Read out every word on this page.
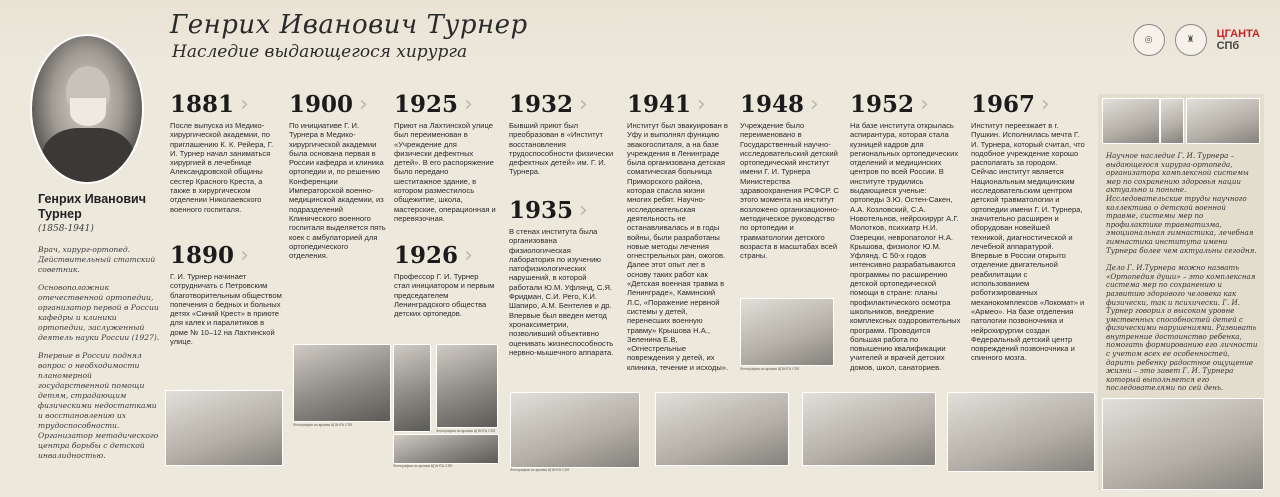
Генрих Иванович Турнер
Наследие выдающегося хирурга
◎	♜	ЦГАНТА
СПб
Генрих Иванович Турнер
(1858-1941)

Врач, хирург-ортопед. Действительный статский советник.

Основоположник отечественной ортопедии, организатор первой в России кафедры и клиники ортопедии, заслуженный деятель науки России (1927).

Впервые в России поднял вопрос о необходимости планомерной государственной помощи детям, страдающим физическими недостатками и восстановлению их трудоспособности. Организатор методического центра борьбы с детской инвалидностью.

1881 ›
После выпуска из Медико-хирургической академии, по приглашению К. К. Рейера, Г. И. Турнер начал заниматься хирургией в лечебнице Александровской общины сестер Красного Креста, а также в хирургическом отделении Николаевского военного госпиталя.
1890 ›
Г. И. Турнер начинает сотрудничать с Петровским благотворительным обществом попечения о бедных и больных детях «Синий Крест» в приюте для калек и паралитиков в доме № 10–12 на Лахтинской улице.
1900 ›
По инициативе Г. И. Турнера в Медико-хирургической академии была основана первая в России кафедра и клиника ортопедии и, по решению Конференции Императорской военно-медицинской академии, из подразделений Клинического военного госпиталя выделяется пять коек с амбулаторией для ортопедического отделения.
1925 ›
Приют на Лахтинской улице был переименован в «Учреждение для физически дефектных детей». В его распоряжение было передано шеститажное здание, в котором разместилось общежитие, школа, мастерские, операционная и перевязочная.
1926 ›
Профессор Г. И. Турнер стал инициатором и первым председателем Ленинградского общества детских ортопедов.
1932 ›
Бывший приют был преобразован в «Институт восстановления трудоспособности физически дефектных детей» им. Г. И. Турнера.
1935 ›
В стенах института была организована физиологическая лаборатория по изучению патофизиологических нарушений, в которой работали Ю.М. Уфлянд, С.Я. Фридман, С.И. Рего, К.И. Шапиро, А.М. Бентелев и др. Впервые был введен метод хронаксиметрии, позволивший объективно оценивать жизнеспособность нервно-мышечного аппарата.
1941 ›
Институт был эвакуирован в Уфу и выполнял функцию эвакогоспиталя, а на базе учреждения в Ленинграде была организована детская соматическая больница Приморского района, которая спасла жизни многих ребят. Научно-исследовательская деятельность не останавливалась и в годы войны, были разработаны новые методы лечения огнестрельных ран, ожогов. Далее этот опыт лег в основу таких работ как «Детская военная травма в Ленинграде», Каминский Л.С, «Поражение нервной системы у детей, перенесших военную травму» Крышова Н.А., Зеленина Е.В, «Огнестрельные повреждения у детей, их клиника, течение и исходы».
1948 ›
Учреждение было переименовано в Государственный научно-исследовательский детский ортопедический институт имени Г. И. Турнера Министерства здравоохранения РСФСР. С этого момента на институт возложено организационно-методическое руководство по ортопедии и травматологии детского возраста в масштабах всей страны.
1952 ›
На базе института открылась аспирантура, которая стала кузницей кадров для региональных ортопедических отделений и медицинских центров по всей России. В институте трудились выдающиеся ученые: ортопеды З.Ю. Остен-Сакен, А.А. Козловский, С.А. Новотельнов, нейрохирург А.Г. Молотков, психиатр Н.И. Озерецки, невропатолог Н.А. Крышова, физиолог Ю.М. Уфлянд. С 50-х годов интенсивно разрабатываются программы по расширению детской ортопедической помощи в стране: планы профилактического осмотра школьников, внедрение комплексных оздоровительных программ. Проводится большая работа по повышению квалификации учителей и врачей детских домов, школ, санаториев.
1967 ›
Институт переезжает в г. Пушкин. Исполнилась мечта Г. И. Турнера, который считал, что подобное учреждение хорошо располагать за городом. Сейчас институт является Национальным медицинским исследовательским центром детской травматологии и ортопедии имени Г. И. Турнера, значительно расширен и оборудован новейшей техникой, диагностической и лечебной аппаратурой. Впервые в России открыто отделение двигательной реабилитации с использованием роботизированных механокомплексов «Локомат» и «Армео». На базе отделения патологии позвоночника и нейрохирургии создан Федеральный детский центр повреждений позвоночника и спинного мозга.
Фотография из архива ЦГАНТА СПб
Фотография из архива ЦГАНТА СПб
Фотография из архива ЦГАНТА СПб
Фотография из архива ЦГАНТА СПб
Фотография из архива ЦГАНТА СПб

Научное наследие Г. И. Турнера – выдающегося хирурга-ортопеда, организатора комплексной системы мер по сохранению здоровья нации актуально и поныне. Исследовательские труды научного коллектива о детской военной травме, системы мер по профилактике травматизма, эмоциональная гимнастика, лечебная гимнастика института имени Турнера более чем актуальны сегодня.

Дело Г. И.Турнера можно назвать «Ортопедия души» – это комплексная система мер по сохранению и развитию здорового человека как физически, так и психически. Г. И. Турнер говорил о высоком уровне умственных способностей детей с физическими нарушениями. Развивать внутренние достоинство ребенка, помогать формированию его личности с учетом всех ее особенностей, дарить ребенку радостное ощущение жизни – это завет Г. И. Турнера который выполняется его последователями по сей день.
